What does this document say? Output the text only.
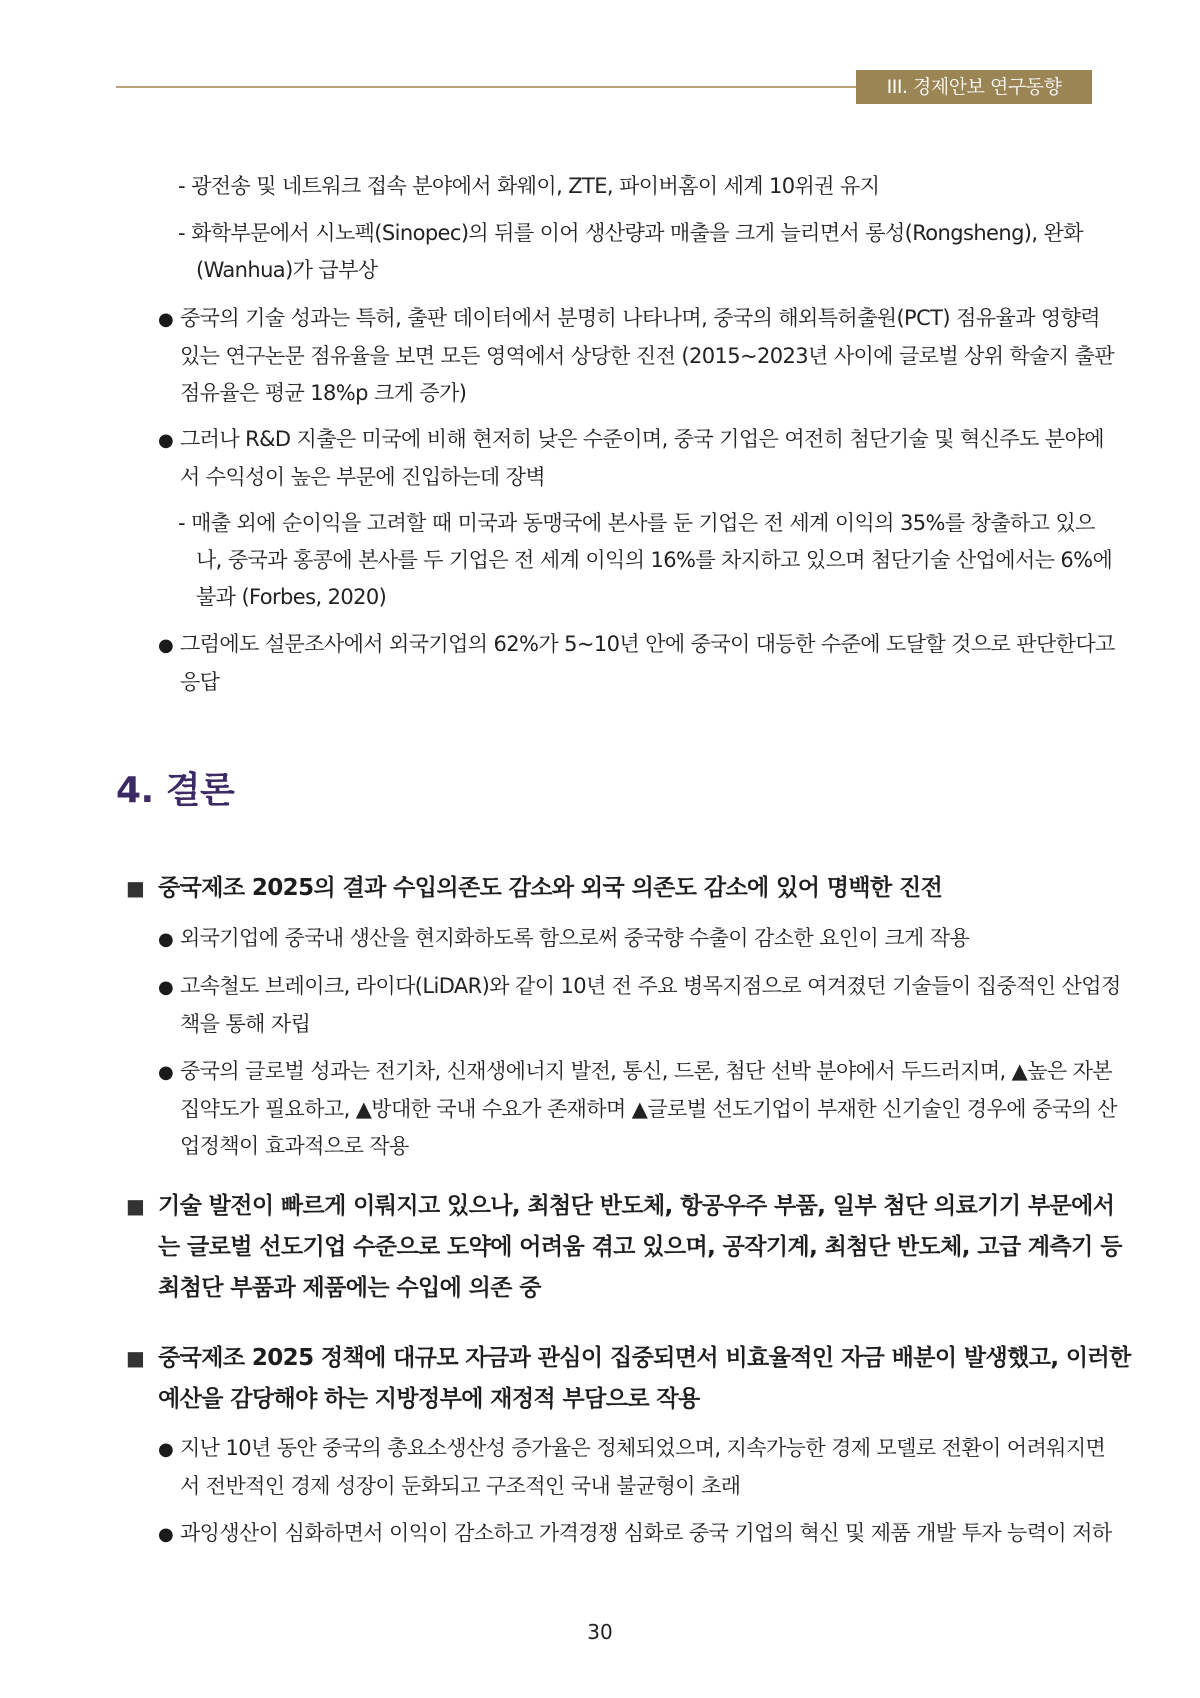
III. 경제안보 연구동향
- 광전송 및 네트워크 접속 분야에서 화웨이, ZTE, 파이버홈이 세계 10위권 유지
- 화학부문에서 시노펙(Sinopec)의 뒤를 이어 생산량과 매출을 크게 늘리면서 롱성(Rongsheng), 완화(Wanhua)가 급부상
● 중국의 기술 성과는 특허, 출판 데이터에서 분명히 나타나며, 중국의 해외특허출원(PCT) 점유율과 영향력 있는 연구논문 점유율을 보면 모든 영역에서 상당한 진전 (2015~2023년 사이에 글로벌 상위 학술지 출판 점유율은 평균 18%p 크게 증가)
● 그러나 R&D 지출은 미국에 비해 현저히 낮은 수준이며, 중국 기업은 여전히 첨단기술 및 혁신주도 분야에서 수익성이 높은 부문에 진입하는데 장벽
- 매출 외에 순이익을 고려할 때 미국과 동맹국에 본사를 둔 기업은 전 세계 이익의 35%를 창출하고 있으나, 중국과 홍콩에 본사를 두 기업은 전 세계 이익의 16%를 차지하고 있으며 첨단기술 산업에서는 6%에 불과 (Forbes, 2020)
● 그럼에도 설문조사에서 외국기업의 62%가 5~10년 안에 중국이 대등한 수준에 도달할 것으로 판단한다고 응답
4. 결론
■ 중국제조 2025의 결과 수입의존도 감소와 외국 의존도 감소에 있어 명백한 진전
● 외국기업에 중국내 생산을 현지화하도록 함으로써 중국향 수출이 감소한 요인이 크게 작용
● 고속철도 브레이크, 라이다(LiDAR)와 같이 10년 전 주요 병목지점으로 여겨졌던 기술들이 집중적인 산업정책을 통해 자립
● 중국의 글로벌 성과는 전기차, 신재생에너지 발전, 통신, 드론, 첨단 선박 분야에서 두드러지며, ▲높은 자본 집약도가 필요하고, ▲방대한 국내 수요가 존재하며 ▲글로벌 선도기업이 부재한 신기술인 경우에 중국의 산업정책이 효과적으로 작용
■ 기술 발전이 빠르게 이뤄지고 있으나, 최첨단 반도체, 항공우주 부품, 일부 첨단 의료기기 부문에서는 글로벌 선도기업 수준으로 도약에 어려움 겪고 있으며, 공작기계, 최첨단 반도체, 고급 계측기 등 최첨단 부품과 제품에는 수입에 의존 중
■ 중국제조 2025 정책에 대규모 자금과 관심이 집중되면서 비효율적인 자금 배분이 발생했고, 이러한 예산을 감당해야 하는 지방정부에 재정적 부담으로 작용
● 지난 10년 동안 중국의 총요소생산성 증가율은 정체되었으며, 지속가능한 경제 모델로 전환이 어려워지면서 전반적인 경제 성장이 둔화되고 구조적인 국내 불균형이 초래
● 과잉생산이 심화하면서 이익이 감소하고 가격경쟁 심화로 중국 기업의 혁신 및 제품 개발 투자 능력이 저하
30
